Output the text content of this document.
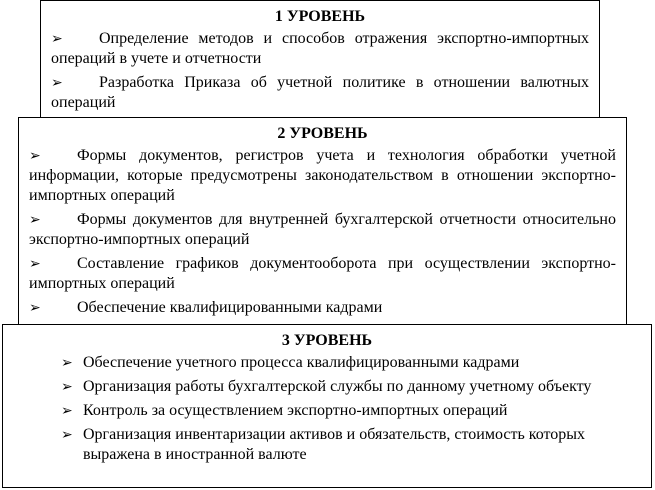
1 УРОВЕНЬ
➢ Определение методов и способов отражения экспортно-импортных операций в учете и отчетности
➢ Разработка Приказа об учетной политике в отношении валютных операций
2 УРОВЕНЬ
➢ Формы документов, регистров учета и технология обработки учетной информации, которые предусмотрены законодательством в отношении экспортно-импортных операций
➢ Формы документов для внутренней бухгалтерской отчетности относительно экспортно-импортных операций
➢ Составление графиков документооборота при осуществлении экспортно-импортных операций
➢ Обеспечение квалифицированными кадрами
3 УРОВЕНЬ
➢ Обеспечение учетного процесса квалифицированными кадрами
➢ Организация работы бухгалтерской службы по данному учетному объекту
➢ Контроль за осуществлением экспортно-импортных операций
➢ Организация инвентаризации активов и обязательств, стоимость которых выражена в иностранной валюте
